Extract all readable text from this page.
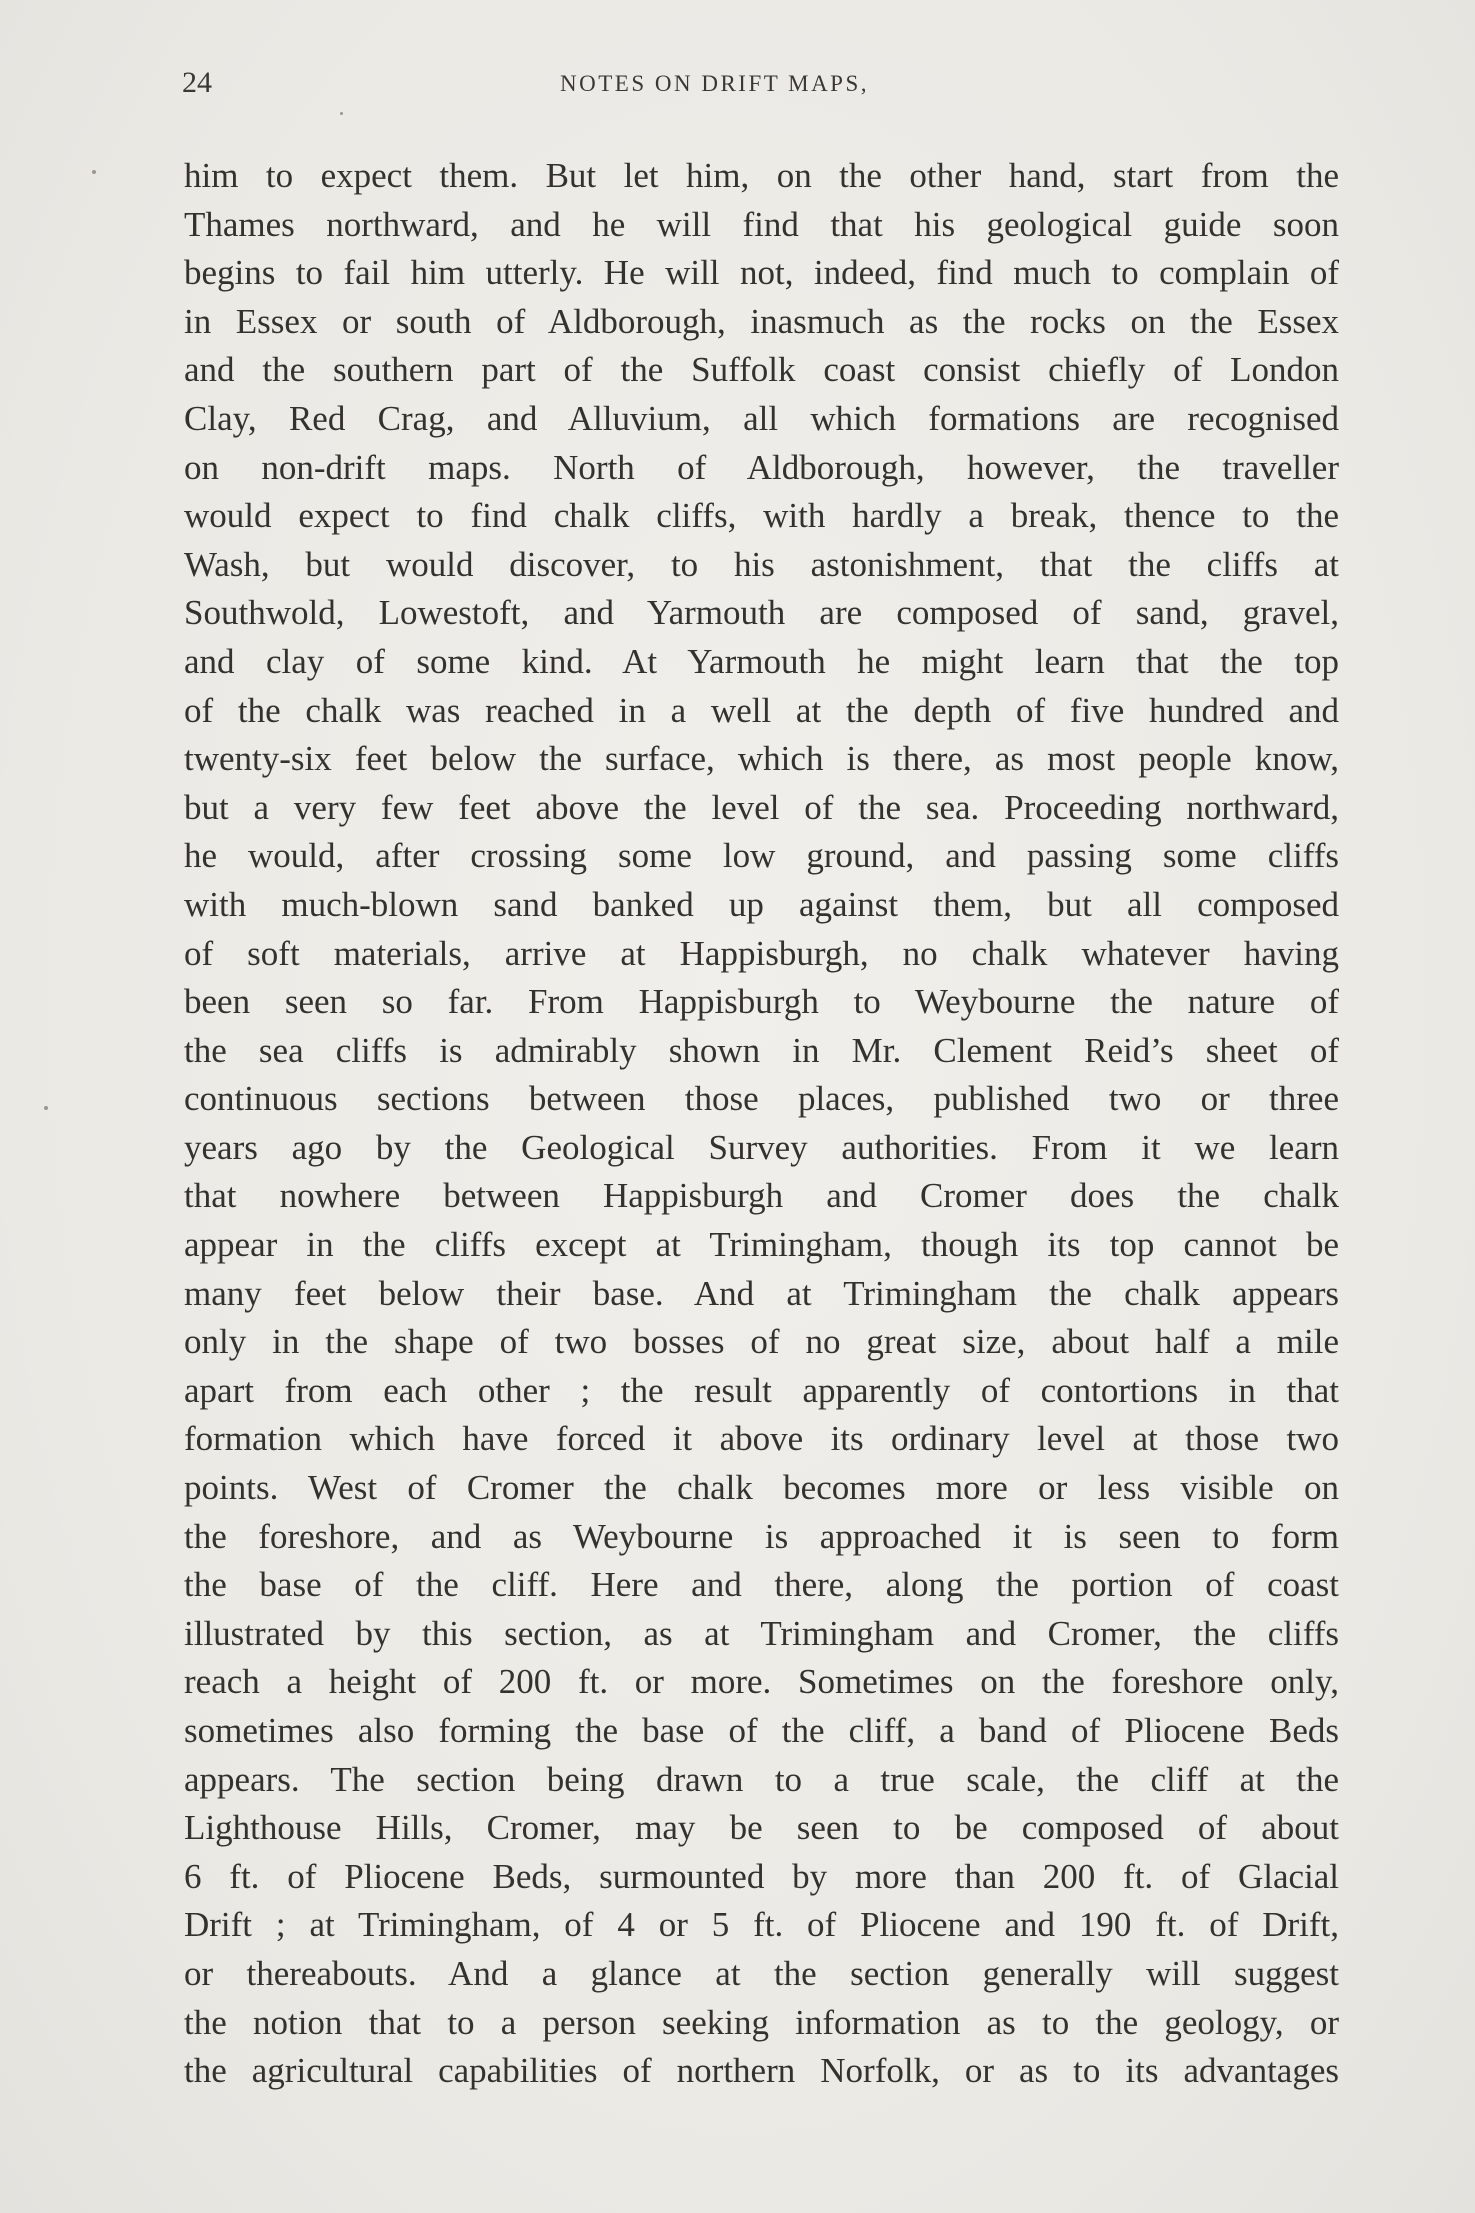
24	NOTES ON DRIFT MAPS,
him to expect them. But let him, on the other hand, start from the
Thames northward, and he will find that his geological guide soon
begins to fail him utterly. He will not, indeed, find much to complain of
in Essex or south of Aldborough, inasmuch as the rocks on the Essex
and the southern part of the Suffolk coast consist chiefly of London
Clay, Red Crag, and Alluvium, all which formations are recognised
on non-drift maps. North of Aldborough, however, the traveller
would expect to find chalk cliffs, with hardly a break, thence to the
Wash, but would discover, to his astonishment, that the cliffs at
Southwold, Lowestoft, and Yarmouth are composed of sand, gravel,
and clay of some kind. At Yarmouth he might learn that the top
of the chalk was reached in a well at the depth of five hundred and
twenty-six feet below the surface, which is there, as most people know,
but a very few feet above the level of the sea. Proceeding northward,
he would, after crossing some low ground, and passing some cliffs
with much-blown sand banked up against them, but all composed
of soft materials, arrive at Happisburgh, no chalk whatever having
been seen so far. From Happisburgh to Weybourne the nature of
the sea cliffs is admirably shown in Mr. Clement Reid’s sheet of
continuous sections between those places, published two or three
years ago by the Geological Survey authorities. From it we learn
that nowhere between Happisburgh and Cromer does the chalk
appear in the cliffs except at Trimingham, though its top cannot be
many feet below their base. And at Trimingham the chalk appears
only in the shape of two bosses of no great size, about half a mile
apart from each other ; the result apparently of contortions in that
formation which have forced it above its ordinary level at those two
points. West of Cromer the chalk becomes more or less visible on
the foreshore, and as Weybourne is approached it is seen to form
the base of the cliff. Here and there, along the portion of coast
illustrated by this section, as at Trimingham and Cromer, the cliffs
reach a height of 200 ft. or more. Sometimes on the foreshore only,
sometimes also forming the base of the cliff, a band of Pliocene Beds
appears. The section being drawn to a true scale, the cliff at the
Lighthouse Hills, Cromer, may be seen to be composed of about
6 ft. of Pliocene Beds, surmounted by more than 200 ft. of Glacial
Drift ; at Trimingham, of 4 or 5 ft. of Pliocene and 190 ft. of Drift,
or thereabouts. And a glance at the section generally will suggest
the notion that to a person seeking information as to the geology, or
the agricultural capabilities of northern Norfolk, or as to its advantages
